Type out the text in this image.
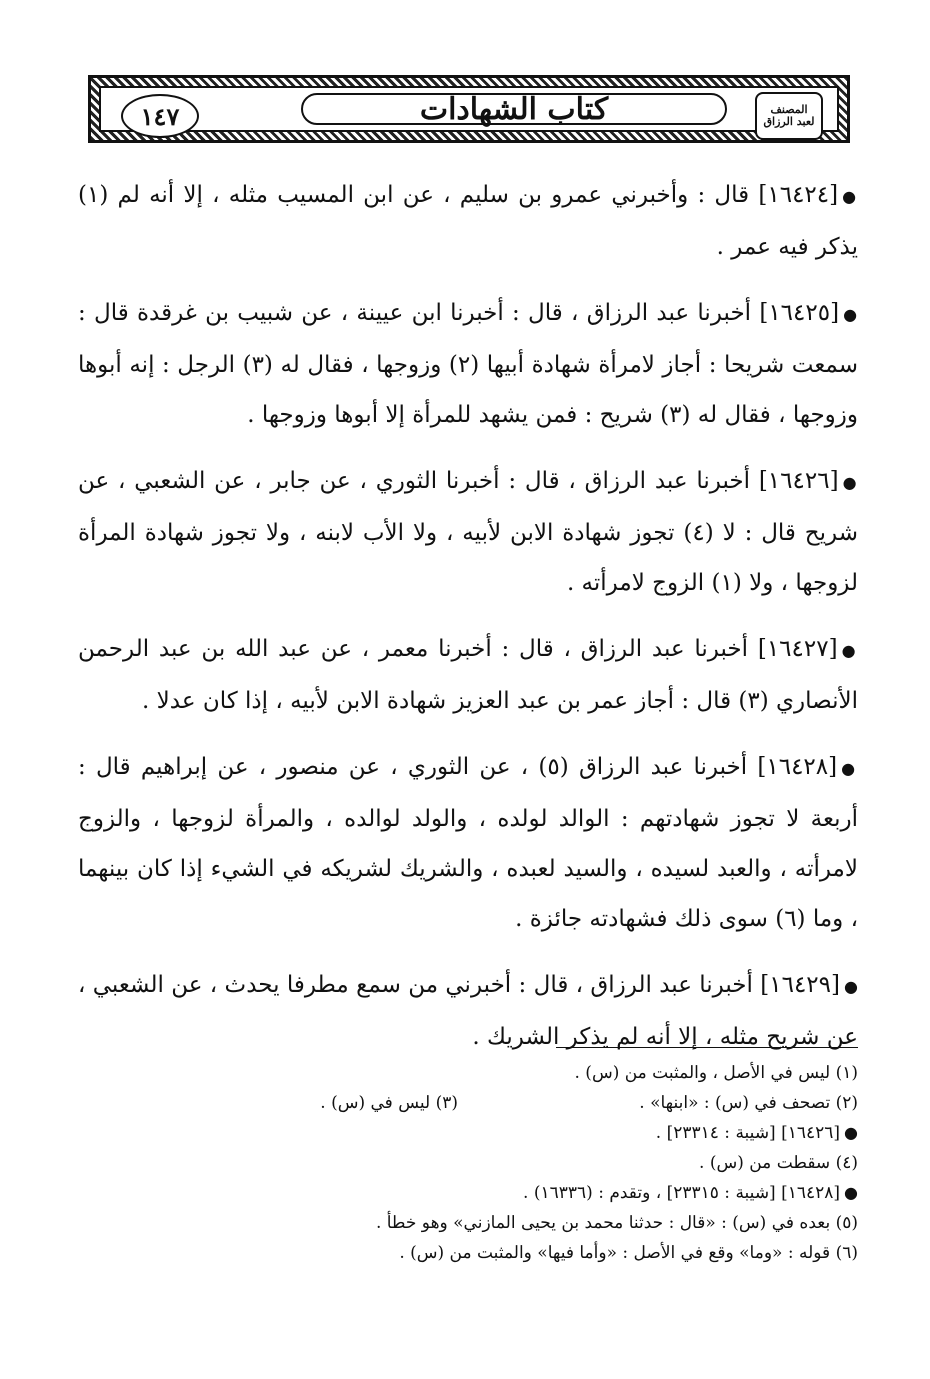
١٤٧	كتاب الشهادات	المصنف
لعبد الرزاق

●[١٦٤٢٤] قال : وأخبرني عمرو بن سليم ، عن ابن المسيب مثله ، إلا أنه لم (١) يذكر فيه عمر .

●[١٦٤٢٥] أخبرنا عبد الرزاق ، قال : أخبرنا ابن عيينة ، عن شبيب بن غرقدة قال : سمعت شريحا : أجاز لامرأة شهادة أبيها (٢) وزوجها ، فقال له (٣) الرجل : إنه أبوها وزوجها ، فقال له (٣) شريح : فمن يشهد للمرأة إلا أبوها وزوجها .

●[١٦٤٢٦] أخبرنا عبد الرزاق ، قال : أخبرنا الثوري ، عن جابر ، عن الشعبي ، عن شريح قال : لا (٤) تجوز شهادة الابن لأبيه ، ولا الأب لابنه ، ولا تجوز شهادة المرأة لزوجها ، ولا (١) الزوج لامرأته .

●[١٦٤٢٧] أخبرنا عبد الرزاق ، قال : أخبرنا معمر ، عن عبد الله بن عبد الرحمن الأنصاري (٣) قال : أجاز عمر بن عبد العزيز شهادة الابن لأبيه ، إذا كان عدلا .

●[١٦٤٢٨] أخبرنا عبد الرزاق (٥) ، عن الثوري ، عن منصور ، عن إبراهيم قال : أربعة لا تجوز شهادتهم : الوالد لولده ، والولد لوالده ، والمرأة لزوجها ، والزوج لامرأته ، والعبد لسيده ، والسيد لعبده ، والشريك لشريكه في الشيء إذا كان بينهما ، وما (٦) سوى ذلك فشهادته جائزة .

●[١٦٤٢٩] أخبرنا عبد الرزاق ، قال : أخبرني من سمع مطرفا يحدث ، عن الشعبي ، عن شريح مثله ، إلا أنه لم يذكر الشريك .

(١) ليس في الأصل ، والمثبت من (س) .

(٢) تصحف في (س) : «ابنها» .

(٣) ليس في (س) .

●[١٦٤٢٦] [شيبة : ٢٣٣١٤] .

(٤) سقطت من (س) .

●[١٦٤٢٨] [شيبة : ٢٣٣١٥] ، وتقدم : (١٦٣٣٦) .

(٥) بعده في (س) : «قال : حدثنا محمد بن يحيى المازني» وهو خطأ .

(٦) قوله : «وما» وقع في الأصل : «وأما فيها» والمثبت من (س) .
